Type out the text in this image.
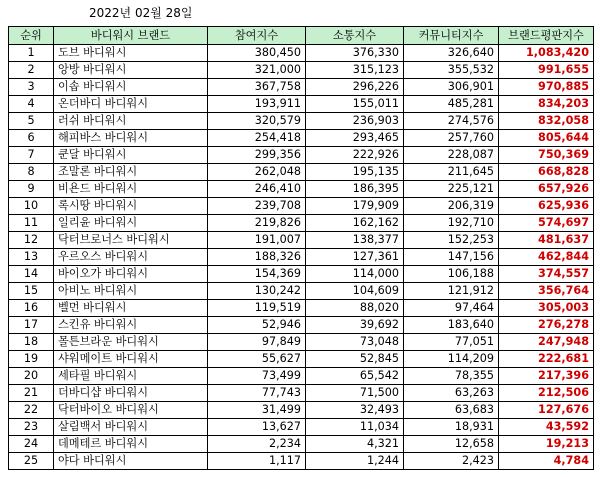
2022년 02월 28일
순위	바디워시 브랜드	참여지수	소통지수	커뮤니티지수	브랜드평판지수
1	도브 바디워시	380,450	376,330	326,640	1,083,420
2	앙방 바디워시	321,000	315,123	355,532	991,655
3	이솝 바디워시	367,758	296,226	306,901	970,885
4	온더바디 바디워시	193,911	155,011	485,281	834,203
5	러쉬 바디워시	320,579	236,903	274,576	832,058
6	해피바스 바디워시	254,418	293,465	257,760	805,644
7	쿤달 바디워시	299,356	222,926	228,087	750,369
8	조말론 바디워시	262,048	195,135	211,645	668,828
9	비욘드 바디워시	246,410	186,395	225,121	657,926
10	록시땅 바디워시	239,708	179,909	206,319	625,936
11	일리윤 바디워시	219,826	162,162	192,710	574,697
12	닥터브로너스 바디워시	191,007	138,377	152,253	481,637
13	우르오스 바디워시	188,326	127,361	147,156	462,844
14	바이오가 바디워시	154,369	114,000	106,188	374,557
15	아비노 바디워시	130,242	104,609	121,912	356,764
16	벨먼 바디워시	119,519	88,020	97,464	305,003
17	스킨유 바디워시	52,946	39,692	183,640	276,278
18	몰튼브라운 바디워시	97,849	73,048	77,051	247,948
19	샤워메이트 바디워시	55,627	52,845	114,209	222,681
20	세타필 바디워시	73,499	65,542	78,355	217,396
21	더바디샵 바디워시	77,743	71,500	63,263	212,506
22	닥터바이오 바디워시	31,499	32,493	63,683	127,676
23	살림백서 바디워시	13,627	11,034	18,931	43,592
24	데메테르 바디워시	2,234	4,321	12,658	19,213
25	야다 바디워시	1,117	1,244	2,423	4,784
